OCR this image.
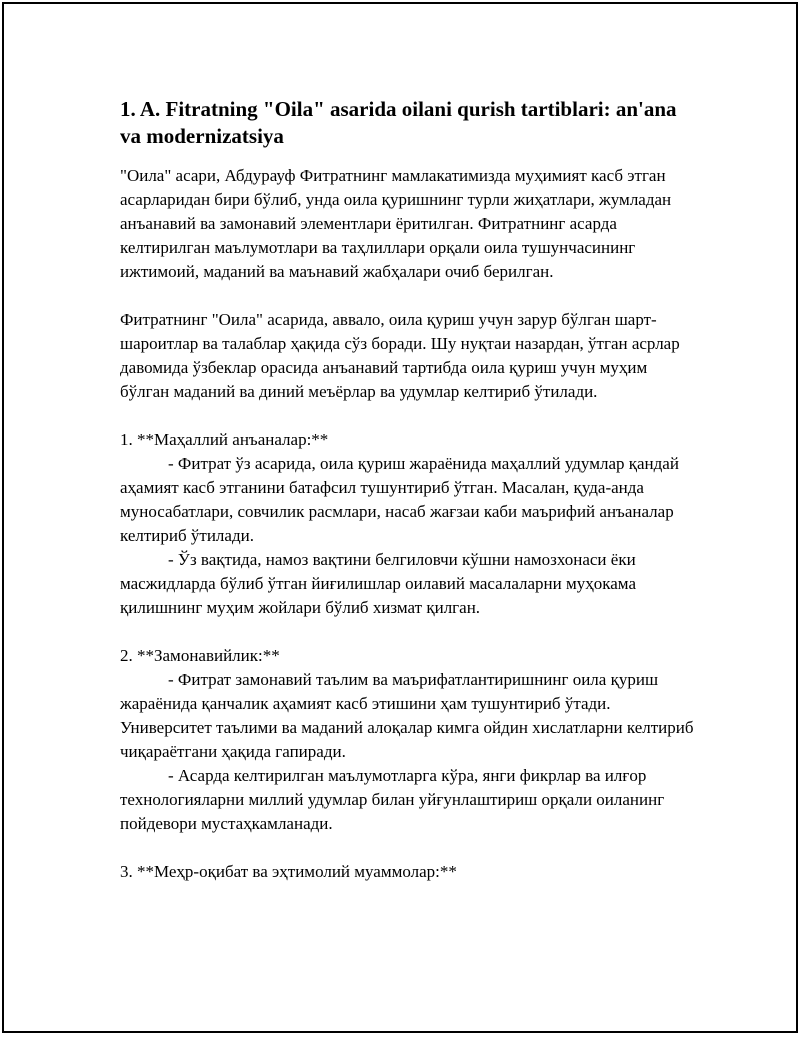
1. A. Fitratning "Oila" asarida oilani qurish tartiblari: an'ana va modernizatsiya

"Оила" асари, Абдурауф Фитратнинг мамлакатимизда муҳимият касб этган асарларидан бири бўлиб, унда оила қуришнинг турли жиҳатлари, жумладан анъанавий ва замонавий элементлари ёритилган. Фитратнинг асарда келтирилган маълумотлари ва таҳлиллари орқали оила тушунчасининг ижтимоий, маданий ва маънавий жабҳалари очиб берилган.

Фитратнинг "Оила" асарида, аввало, оила қуриш учун зарур бўлган шарт-шароитлар ва талаблар ҳақида сўз боради. Шу нуқтаи назардан, ўтган асрлар давомида ўзбеклар орасида анъанавий тартибда оила қуриш учун муҳим бўлган маданий ва диний меъёрлар ва удумлар келтириб ўтилади.

1. **Маҳаллий анъаналар:**

- Фитрат ўз асарида, оила қуриш жараёнида маҳаллий удумлар қандай аҳамият касб этганини батафсил тушунтириб ўтган. Масалан, қуда-анда муносабатлари, совчилик расмлари, насаб жағзаи каби маърифий анъаналар келтириб ўтилади.

- Ўз вақтида, намоз вақтини белгиловчи кўшни намозхонаси ёки масжидларда бўлиб ўтган йиғилишлар оилавий масалаларни муҳокама қилишнинг муҳим жойлари бўлиб хизмат қилган.

2. **Замонавийлик:**

- Фитрат замонавий таълим ва маърифатлантиришнинг оила қуриш жараёнида қанчалик аҳамият касб этишини ҳам тушунтириб ўтади. Университет таълими ва маданий алоқалар кимга ойдин хислатларни келтириб чиқараётгани ҳақида гапиради.

- Асарда келтирилган маълумотларга кўра, янги фикрлар ва илғор технологияларни миллий удумлар билан уйғунлаштириш орқали оиланинг пойдевори мустаҳкамланади.

3. **Меҳр-оқибат ва эҳтимолий муаммолар:**
